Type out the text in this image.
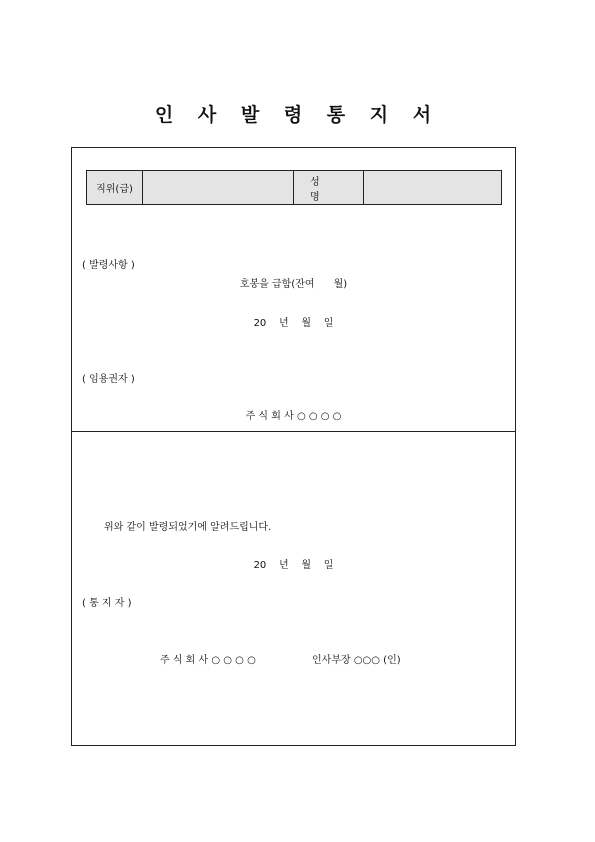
인 사 발 령 통 지 서
직위(급)
성 명
( 발령사항 )
호봉을 급함(잔여      월)
20    년    월    일
( 임용권자 )
주 식 회 사 ○ ○ ○ ○
위와 같이 발령되었기에 알려드립니다.
20    년    월    일
( 통 지 자 )
주 식 회 사 ○ ○ ○ ○	인사부장 ○○○ (인)
